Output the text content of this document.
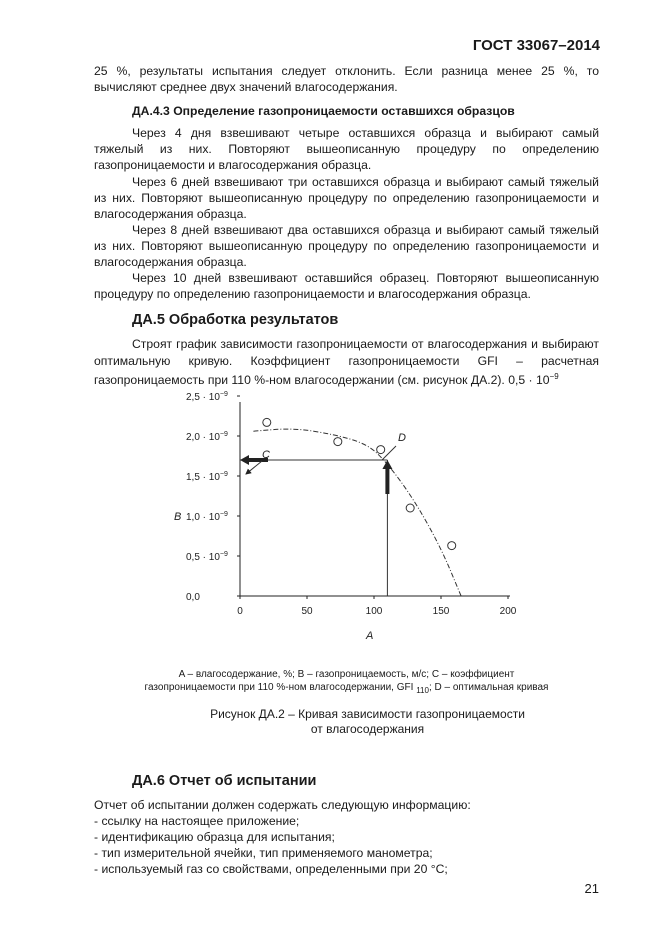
ГОСТ 33067–2014

25 %, результаты испытания следует отклонить. Если разница менее 25 %, то вычисляют среднее двух значений влагосодержания.

ДА.4.3 Определение газопроницаемости оставшихся образцов

Через 4 дня взвешивают четыре оставшихся образца и выбирают самый тяжелый из них. Повторяют вышеописанную процедуру по определению газопроницаемости и влагосодержания образца.

Через 6 дней взвешивают три оставшихся образца и выбирают самый тяжелый из них. Повторяют вышеописанную процедуру по определению газопроницаемости и влагосодержания образца.

Через 8 дней взвешивают два оставшихся образца и выбирают самый тяжелый из них. Повторяют вышеописанную процедуру по определению газопроницаемости и влагосодержания образца.

Через 10 дней взвешивают оставшийся образец. Повторяют вышеописанную процедуру по определению газопроницаемости и влагосодержания образца.

ДА.5 Обработка результатов

Строят график зависимости газопроницаемости от влагосодержания и выбирают оптимальную кривую. Коэффициент газопроницаемости GFI – расчетная газопроницаемость при 110 %-ном влагосодержании (см. рисунок ДА.2). $0,5 \cdot 10^{-9}$

$2,5 \cdot 10^{-9}$
$2,0 \cdot 10^{-9}$
$1,5 \cdot 10^{-9}$
$1,0 \cdot 10^{-9}$
$0,5 \cdot 10^{-9}$
0,0
0	50	100	150	200
C
D
B
A
A – влагосодержание, %; B – газопроницаемость, м/с; C – коэффициент
газопроницаемости при 110 %-ном влагосодержании, GFI $_{110}$; D – оптимальная кривая
Рисунок ДА.2 – Кривая зависимости газопроницаемости
от влагосодержания
ДА.6 Отчет об испытании

Отчет об испытании должен содержать следующую информацию:

- ссылку на настоящее приложение;

- идентификацию образца для испытания;

- тип измерительной ячейки, тип применяемого манометра;

- используемый газ со свойствами, определенными при 20 °C;

21
